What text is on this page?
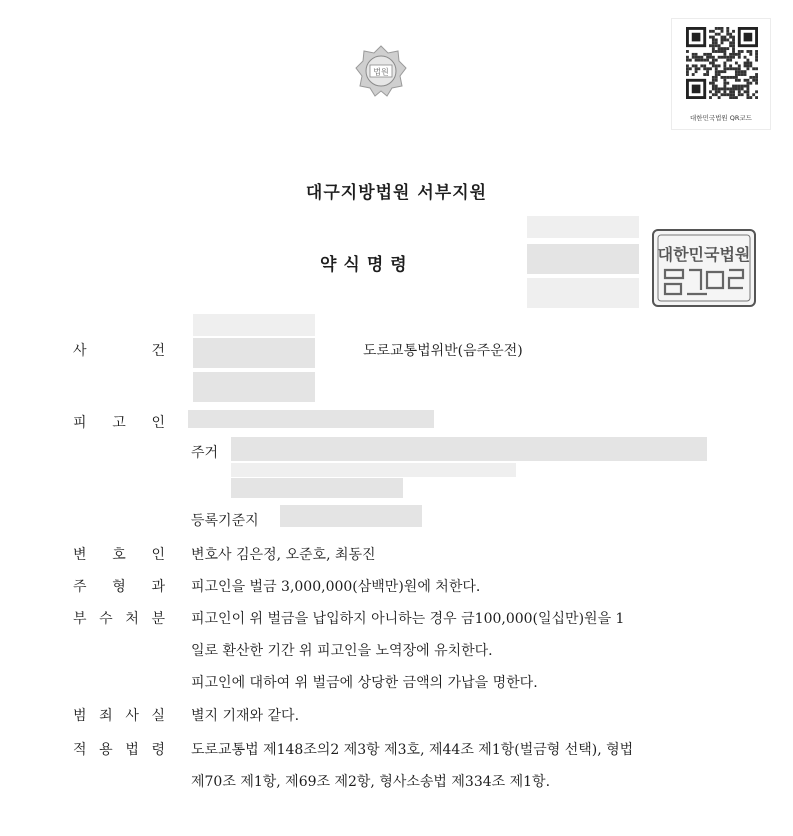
법원
대한민국법원 QR코드
대구지방법원 서부지원
약식명령
대한민국법원
사	건	도로교통법위반(음주운전)
피 고 인
주거
등록기준지
변 호 인 변호사 김은정, 오준호, 최동진
주 형 과 피고인을 벌금 3,000,000(삼백만)원에 처한다.
부 수 처 분 피고인이 위 벌금을 납입하지 아니하는 경우 금100,000(일십만)원을 1
일로 환산한 기간 위 피고인을 노역장에 유치한다.
피고인에 대하여 위 벌금에 상당한 금액의 가납을 명한다.
범 죄 사 실 별지 기재와 같다.
적 용 법 령 도로교통법 제148조의2 제3항 제3호, 제44조 제1항(벌금형 선택), 형법
제70조 제1항, 제69조 제2항, 형사소송법 제334조 제1항.
